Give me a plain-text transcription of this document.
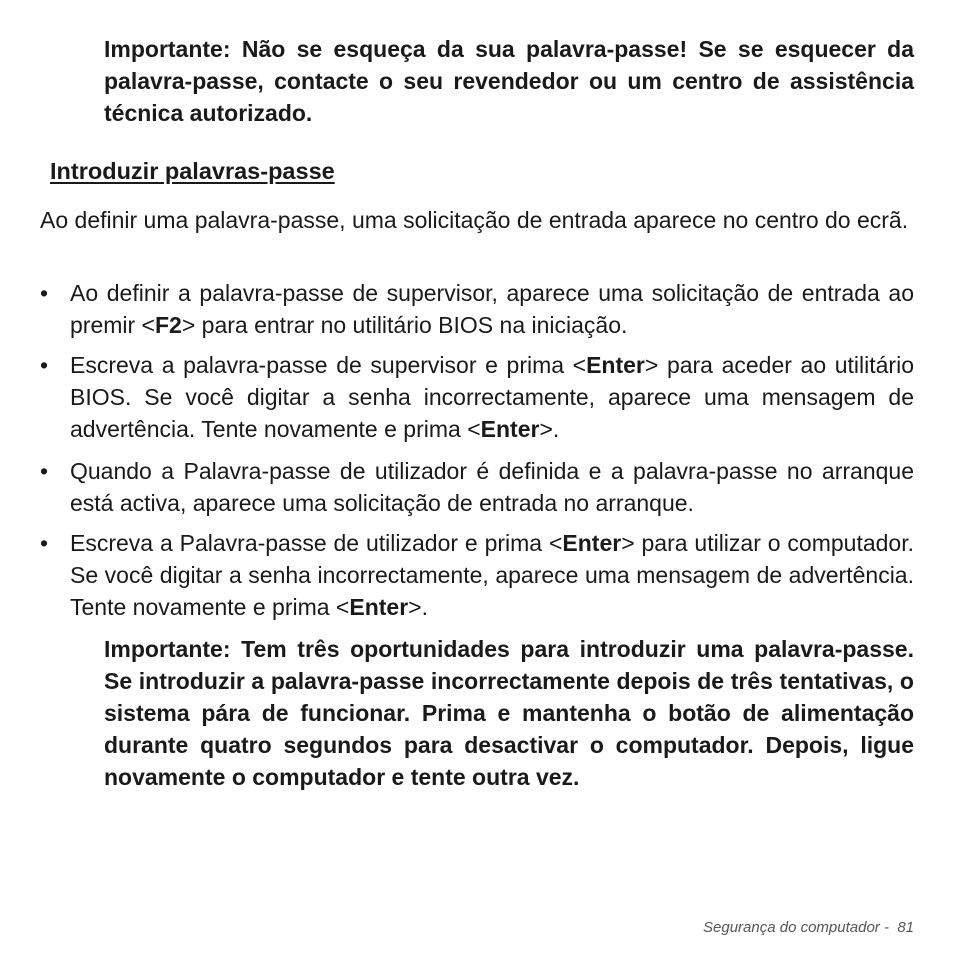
Importante: Não se esqueça da sua palavra-passe! Se se esquecer da palavra-passe, contacte o seu revendedor ou um centro de assistência técnica autorizado.

Introduzir palavras-passe

Ao definir uma palavra-passe, uma solicitação de entrada aparece no centro do ecrã.

• Ao definir a palavra-passe de supervisor, aparece uma solicitação de entrada ao premir <F2> para entrar no utilitário BIOS na iniciação.
• Escreva a palavra-passe de supervisor e prima <Enter> para aceder ao utilitário BIOS. Se você digitar a senha incorrectamente, aparece uma mensagem de advertência. Tente novamente e prima <Enter>.
• Quando a Palavra-passe de utilizador é definida e a palavra-passe no arranque está activa, aparece uma solicitação de entrada no arranque.
• Escreva a Palavra-passe de utilizador e prima <Enter> para utilizar o computador. Se você digitar a senha incorrectamente, aparece uma mensagem de advertência. Tente novamente e prima <Enter>.

Importante: Tem três oportunidades para introduzir uma palavra-passe. Se introduzir a palavra-passe incorrectamente depois de três tentativas, o sistema pára de funcionar. Prima e mantenha o botão de alimentação durante quatro segundos para desactivar o computador. Depois, ligue novamente o computador e tente outra vez.

Segurança do computador - 81
